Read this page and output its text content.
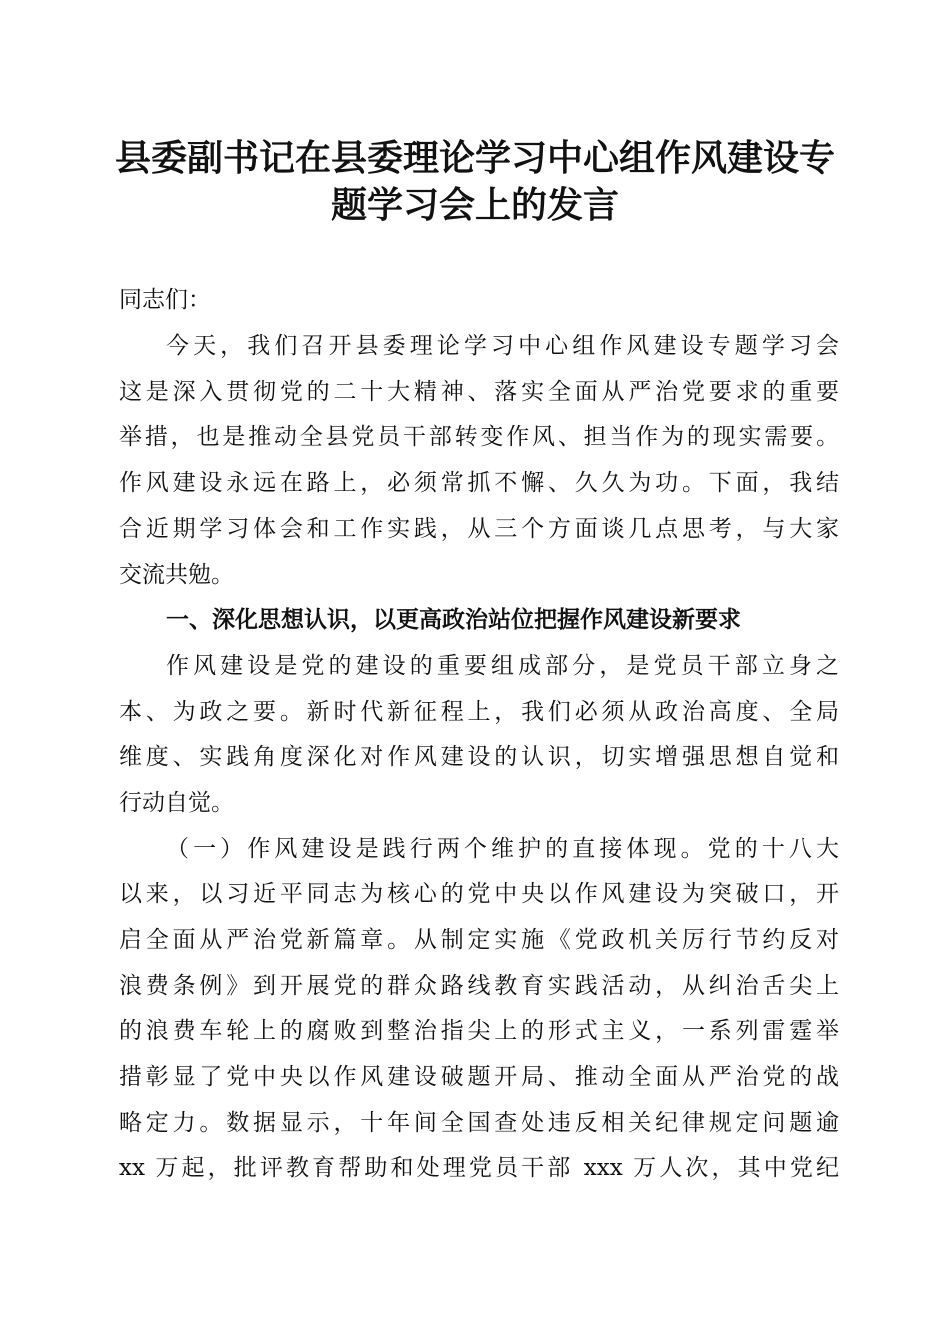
县委副书记在县委理论学习中心组作风建设专
题学习会上的发言

同志们：

今天，我们召开县委理论学习中心组作风建设专题学习会

这是深入贯彻党的二十大精神、落实全面从严治党要求的重要

举措，也是推动全县党员干部转变作风、担当作为的现实需要。

作风建设永远在路上，必须常抓不懈、久久为功。下面，我结

合近期学习体会和工作实践，从三个方面谈几点思考，与大家

交流共勉。

一、深化思想认识，以更高政治站位把握作风建设新要求

作风建设是党的建设的重要组成部分，是党员干部立身之

本、为政之要。新时代新征程上，我们必须从政治高度、全局

维度、实践角度深化对作风建设的认识，切实增强思想自觉和

行动自觉。

（一）作风建设是践行两个维护的直接体现。党的十八大

以来，以习近平同志为核心的党中央以作风建设为突破口，开

启全面从严治党新篇章。从制定实施《党政机关厉行节约反对

浪费条例》到开展党的群众路线教育实践活动，从纠治舌尖上

的浪费车轮上的腐败到整治指尖上的形式主义，一系列雷霆举

措彰显了党中央以作风建设破题开局、推动全面从严治党的战

略定力。数据显示，十年间全国查处违反相关纪律规定问题逾

xx 万起，批评教育帮助和处理党员干部 xxx 万人次，其中党纪
